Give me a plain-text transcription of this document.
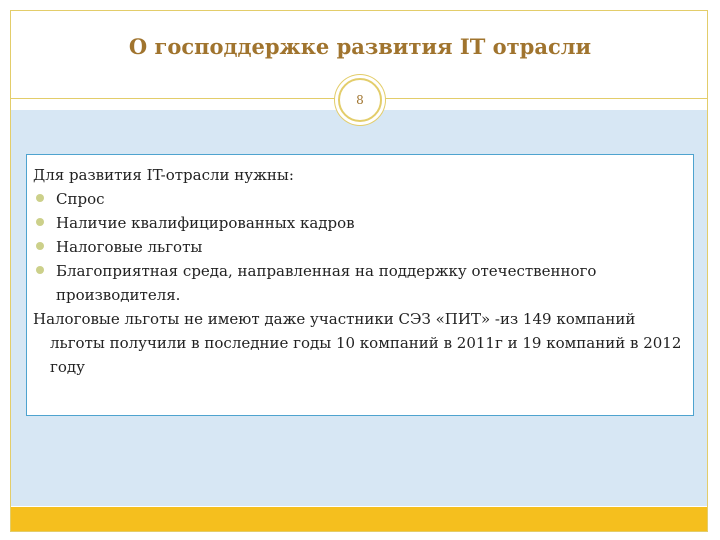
О господдержке развития IT отрасли
8

Для развития IT-отрасли нужны:

Спрос
Наличие квалифицированных кадров
Налоговые льготы
Благоприятная среда, направленная на поддержку отечественного производителя.

Налоговые льготы не имеют даже участники СЭЗ «ПИТ» -из 149 компаний льготы получили в последние годы 10 компаний в 2011г и 19 компаний в 2012 году
